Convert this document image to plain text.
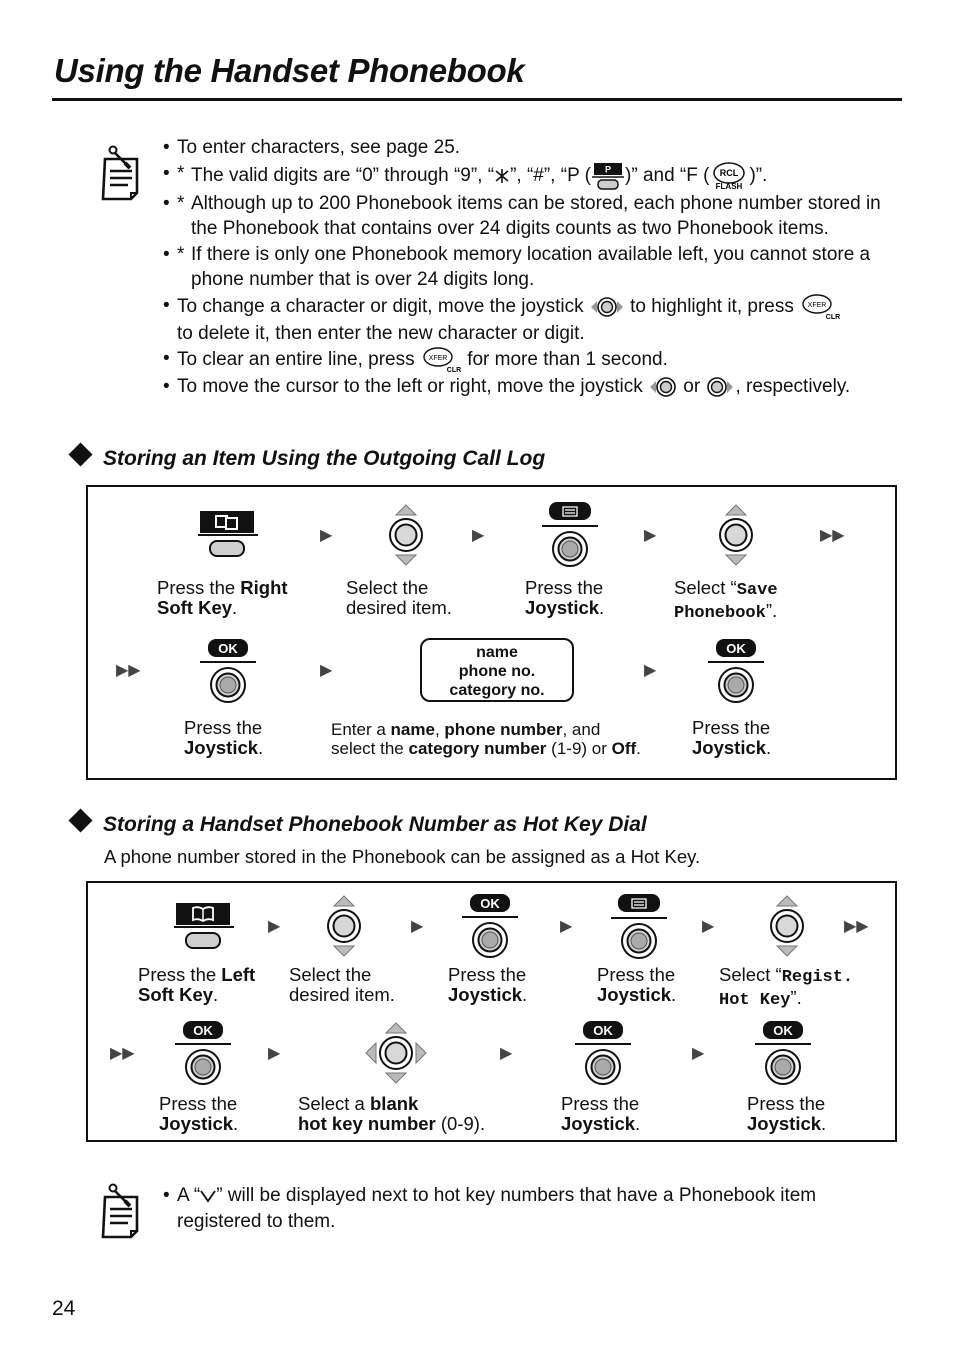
Using the Handset Phonebook
• To enter characters, see page 25.
• * The valid digits are “0” through “9”, “ ”, “#”, “P ( P )” and “F ( RCL
FLASH
)”.
• * Although up to 200 Phonebook items can be stored, each phone number stored in the Phonebook that contains over 24 digits counts as two Phonebook items.
• * If there is only one Phonebook memory location available left, you cannot store a phone number that is over 24 digits long.
• To change a character or digit, move the joystick to highlight it, press XFER
CLR

to delete it, then enter the new character or digit.
• To clear an entire line, press XFER
CLR
for more than 1 second.
• To move the cursor to the left or right, move the joystick or , respectively.
Storing an Item Using the Outgoing Call Log
▶	▶	▶	▶▶
Press the Right
Soft Key.
Select the
desired item.
Press the
Joystick.
Select “Save
Phonebook”.
▶▶
OK
▶
name
phone no.
category no.
▶
OK
Press the
Joystick.
Enter a name, phone number, and
select the category number (1-9) or Off.
Press the
Joystick.
Storing a Handset Phonebook Number as Hot Key Dial
A phone number stored in the Phonebook can be assigned as a Hot Key.
▶	▶
OK
▶	▶	▶▶
Press the Left
Soft Key.
Select the
desired item.
Press the
Joystick.
Press the
Joystick.
Select “Regist.
Hot Key”.
▶▶
OK
▶	▶
OK
▶
OK
Press the
Joystick.
Select a blank
hot key number (0-9).
Press the
Joystick.
Press the
Joystick.
• A “ ” will be displayed next to hot key numbers that have a Phonebook item registered to them.
24
